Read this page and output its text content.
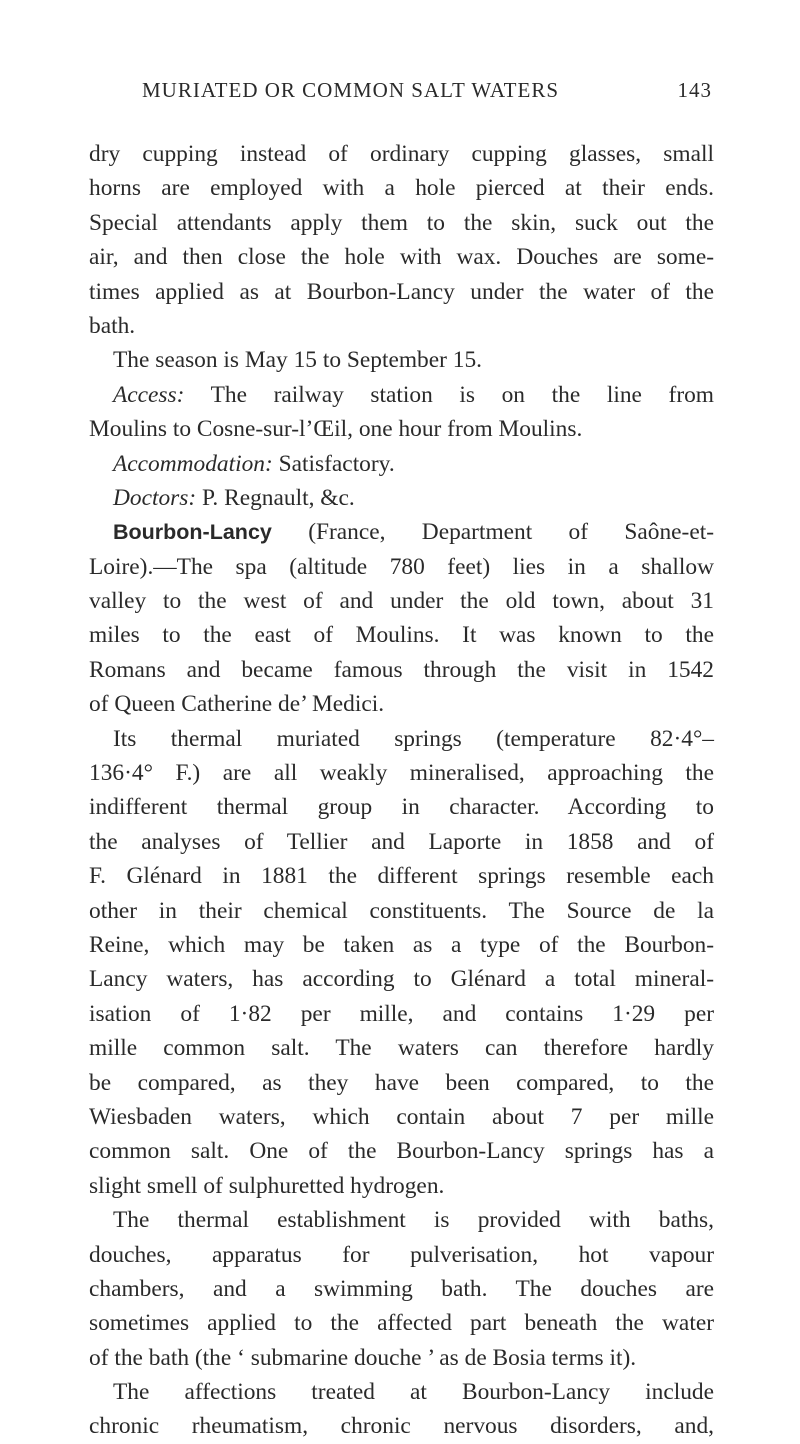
MURIATED OR COMMON SALT WATERS	143
dry cupping instead of ordinary cupping glasses, small
horns are employed with a hole pierced at their ends.
Special attendants apply them to the skin, suck out the
air, and then close the hole with wax. Douches are some-
times applied as at Bourbon-Lancy under the water of the
bath.
The season is May 15 to September 15.
Access: The railway station is on the line from
Moulins to Cosne-sur-l’Œil, one hour from Moulins.
Accommodation: Satisfactory.
Doctors: P. Regnault, &c.
Bourbon-Lancy (France, Department of Saône-et-
Loire).—The spa (altitude 780 feet) lies in a shallow
valley to the west of and under the old town, about 31
miles to the east of Moulins. It was known to the
Romans and became famous through the visit in 1542
of Queen Catherine de’ Medici.
Its thermal muriated springs (temperature 82·4°–
136·4° F.) are all weakly mineralised, approaching the
indifferent thermal group in character. According to
the analyses of Tellier and Laporte in 1858 and of
F. Glénard in 1881 the different springs resemble each
other in their chemical constituents. The Source de la
Reine, which may be taken as a type of the Bourbon-
Lancy waters, has according to Glénard a total mineral-
isation of 1·82 per mille, and contains 1·29 per
mille common salt. The waters can therefore hardly
be compared, as they have been compared, to the
Wiesbaden waters, which contain about 7 per mille
common salt. One of the Bourbon-Lancy springs has a
slight smell of sulphuretted hydrogen.
The thermal establishment is provided with baths,
douches, apparatus for pulverisation, hot vapour
chambers, and a swimming bath. The douches are
sometimes applied to the affected part beneath the water
of the bath (the ‘ submarine douche ’ as de Bosia terms it).
The affections treated at Bourbon-Lancy include
chronic rheumatism, chronic nervous disorders, and,
